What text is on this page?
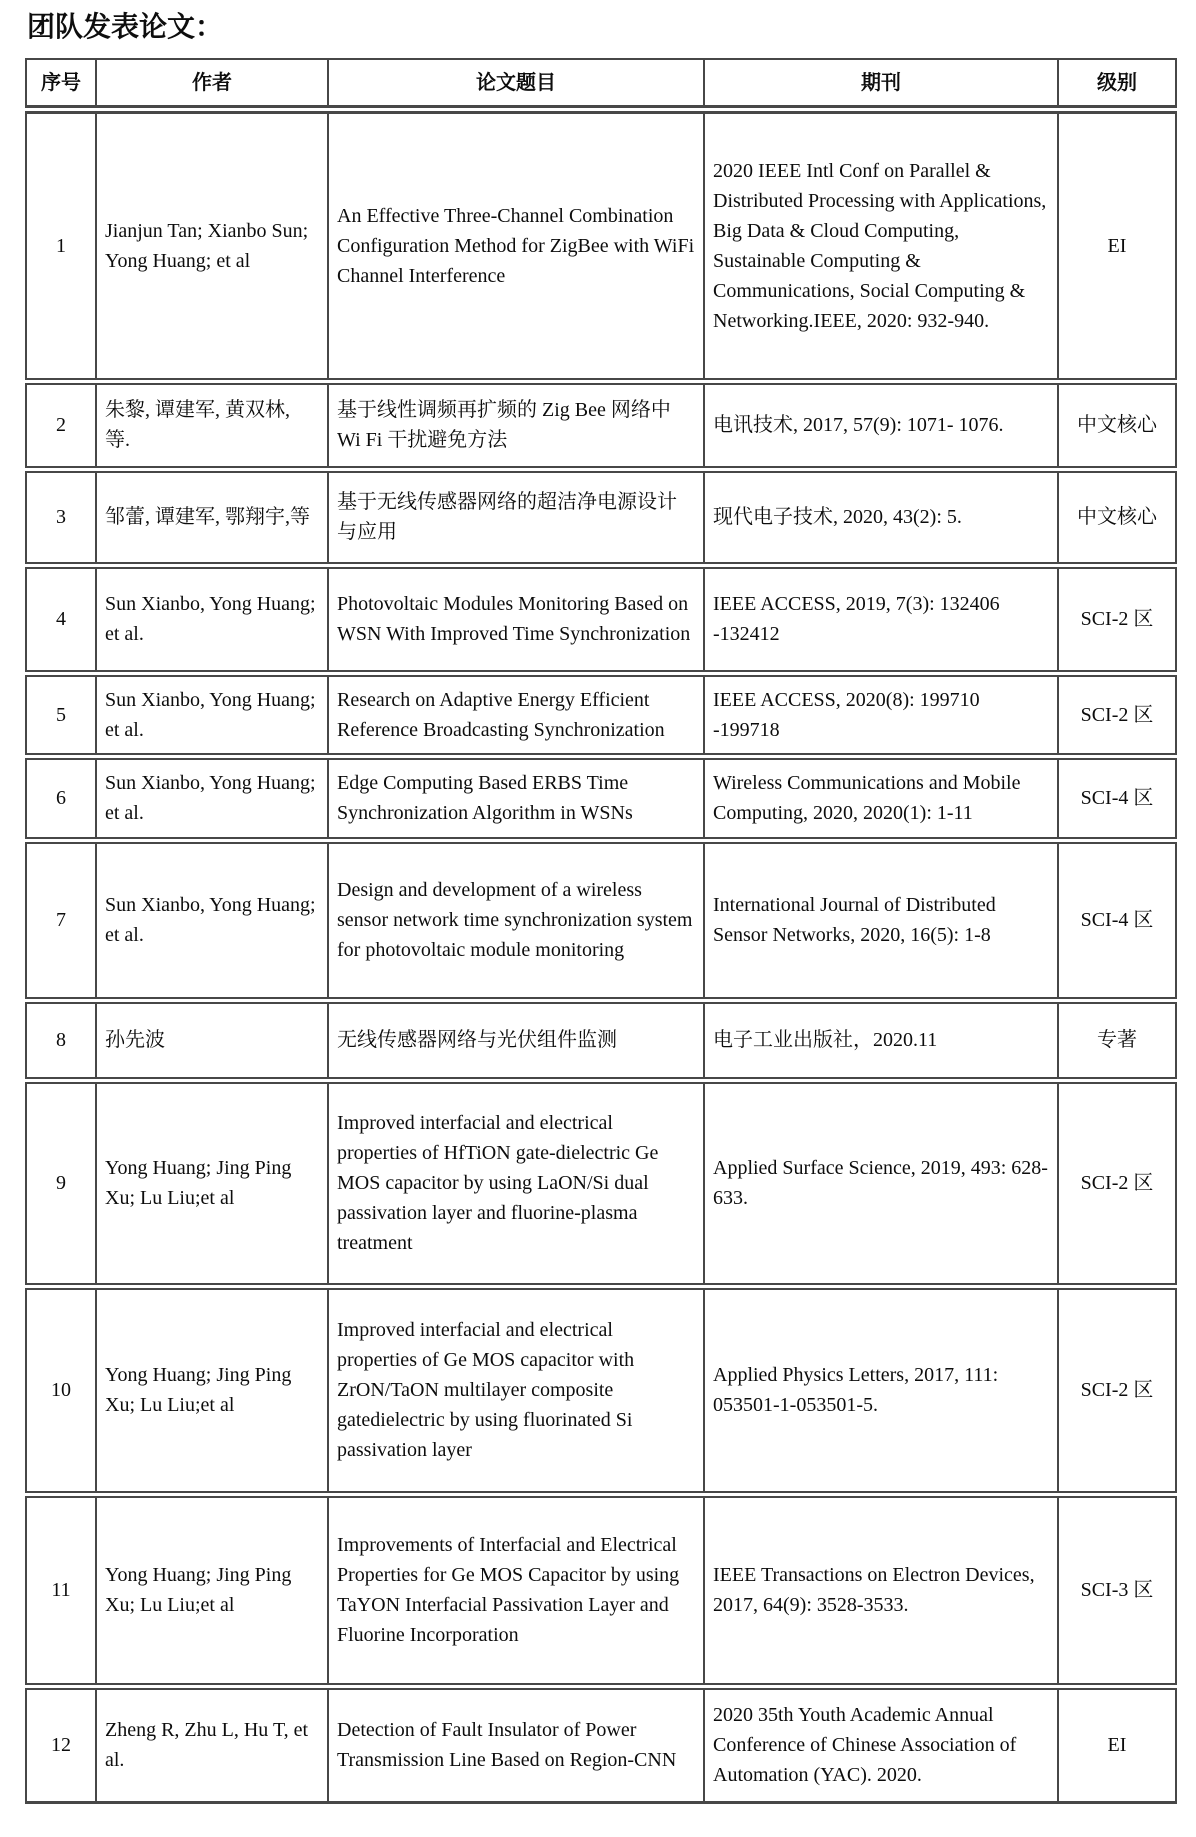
团队发表论文：
序号	作者	论文题目	期刊	级别
1	Jianjun Tan; Xianbo Sun; Yong Huang; et al	An Effective Three-Channel Combination Configuration Method for ZigBee with WiFi Channel Interference	2020 IEEE Intl Conf on Parallel & Distributed Processing with Applications, Big Data & Cloud Computing, Sustainable Computing & Communications, Social Computing & Networking.IEEE, 2020: 932-940.	EI
2	朱黎, 谭建军, 黄双林, 等.	基于线性调频再扩频的 Zig Bee 网络中 Wi Fi 干扰避免方法	电讯技术, 2017, 57(9): 1071- 1076.	中文核心
3	邹蕾, 谭建军, 鄂翔宇,等	基于无线传感器网络的超洁净电源设计与应用	现代电子技术, 2020, 43(2): 5.	中文核心
4	Sun Xianbo, Yong Huang; et al.	Photovoltaic Modules Monitoring Based on WSN With Improved Time Synchronization	IEEE ACCESS, 2019, 7(3): 132406 -132412	SCI-2 区
5	Sun Xianbo, Yong Huang; et al.	Research on Adaptive Energy Efficient Reference Broadcasting Synchronization	IEEE ACCESS, 2020(8): 199710 -199718	SCI-2 区
6	Sun Xianbo, Yong Huang; et al.	Edge Computing Based ERBS Time Synchronization Algorithm in WSNs	Wireless Communications and Mobile Computing, 2020, 2020(1): 1-11	SCI-4 区
7	Sun Xianbo, Yong Huang; et al.	Design and development of a wireless sensor network time synchronization system for photovoltaic module monitoring	International Journal of Distributed Sensor Networks, 2020, 16(5): 1-8	SCI-4 区
8	孙先波	无线传感器网络与光伏组件监测	电子工业出版社，2020.11	专著
9	Yong Huang; Jing Ping Xu; Lu Liu;et al	Improved interfacial and electrical properties of HfTiON gate-dielectric Ge MOS capacitor by using LaON/Si dual passivation layer and fluorine-plasma treatment	Applied Surface Science, 2019, 493: 628-633.	SCI-2 区
10	Yong Huang; Jing Ping Xu; Lu Liu;et al	Improved interfacial and electrical properties of Ge MOS capacitor with ZrON/TaON multilayer composite gatedielectric by using fluorinated Si passivation layer	Applied Physics Letters, 2017, 111: 053501-1-053501-5.	SCI-2 区
11	Yong Huang; Jing Ping Xu; Lu Liu;et al	Improvements of Interfacial and Electrical Properties for Ge MOS Capacitor by using TaYON Interfacial Passivation Layer and Fluorine Incorporation	IEEE Transactions on Electron Devices, 2017, 64(9): 3528-3533.	SCI-3 区
12	Zheng R, Zhu L, Hu T, et al.	Detection of Fault Insulator of Power Transmission Line Based on Region-CNN	2020 35th Youth Academic Annual Conference of Chinese Association of Automation (YAC). 2020.	EI
